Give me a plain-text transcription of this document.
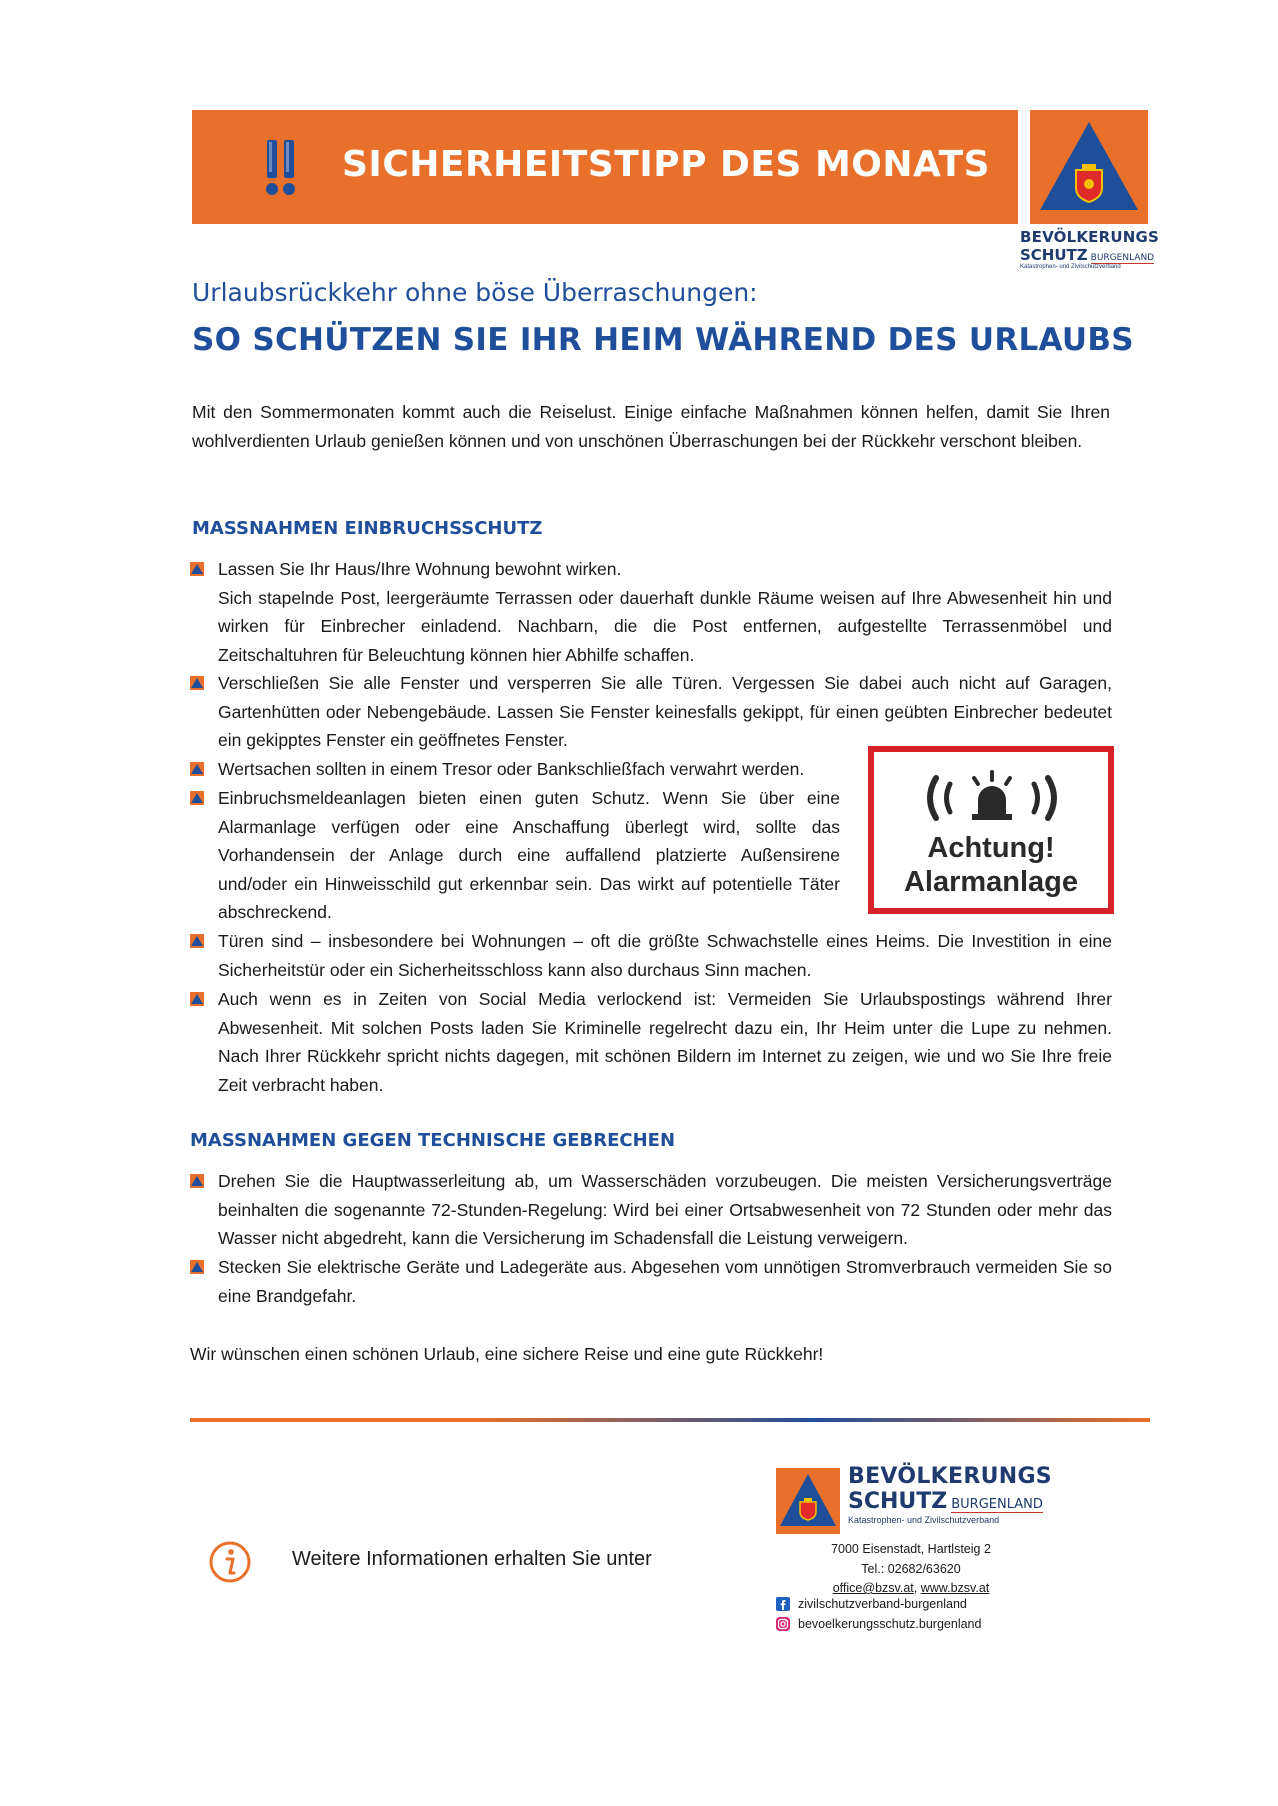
SICHERHEITSTIPP DES MONATS
BEVÖLKERUNGS
SCHUTZ BURGENLAND
Katastrophen- und Zivilschutzverband
Urlaubsrückkehr ohne böse Überraschungen:
SO SCHÜTZEN SIE IHR HEIM WÄHREND DES URLAUBS
Mit den Sommermonaten kommt auch die Reiselust. Einige einfache Maßnahmen können helfen, damit Sie Ihren wohlverdienten Urlaub genießen können und von unschönen Überraschungen bei der Rückkehr verschont bleiben.
MASSNAHMEN EINBRUCHSSCHUTZ

Lassen Sie Ihr Haus/Ihre Wohnung bewohnt wirken.

Sich stapelnde Post, leergeräumte Terrassen oder dauerhaft dunkle Räume weisen auf Ihre Abwesenheit hin und wirken für Einbrecher einladend. Nachbarn, die die Post entfernen, aufgestellte Terrassenmöbel und Zeitschaltuhren für Beleuchtung können hier Abhilfe schaffen.

Verschließen Sie alle Fenster und versperren Sie alle Türen. Vergessen Sie dabei auch nicht auf Garagen, Gartenhütten oder Nebengebäude. Lassen Sie Fenster keinesfalls gekippt, für einen geübten Einbrecher bedeutet ein gekipptes Fenster ein geöffnetes Fenster.

Wertsachen sollten in einem Tresor oder Bankschließfach verwahrt werden.

Einbruchsmeldeanlagen bieten einen guten Schutz. Wenn Sie über eine Alarmanlage verfügen oder eine Anschaffung überlegt wird, sollte das Vorhandensein der Anlage durch eine auffallend platzierte Außensirene und/oder ein Hinweisschild gut erkennbar sein. Das wirkt auf potentielle Täter abschreckend.

Türen sind – insbesondere bei Wohnungen – oft die größte Schwachstelle eines Heims. Die Investition in eine Sicherheitstür oder ein Sicherheitsschloss kann also durchaus Sinn machen.

Auch wenn es in Zeiten von Social Media verlockend ist: Vermeiden Sie Urlaubspostings während Ihrer Abwesenheit. Mit solchen Posts laden Sie Kriminelle regelrecht dazu ein, Ihr Heim unter die Lupe zu nehmen. Nach Ihrer Rückkehr spricht nichts dagegen, mit schönen Bildern im Internet zu zeigen, wie und wo Sie Ihre freie Zeit verbracht haben.

Achtung!
Alarmanlage
MASSNAHMEN GEGEN TECHNISCHE GEBRECHEN

Drehen Sie die Hauptwasserleitung ab, um Wasserschäden vorzubeugen. Die meisten Versicherungsverträge beinhalten die sogenannte 72-Stunden-Regelung: Wird bei einer Ortsabwesenheit von 72 Stunden oder mehr das Wasser nicht abgedreht, kann die Versicherung im Schadensfall die Leistung verweigern.

Stecken Sie elektrische Geräte und Ladegeräte aus. Abgesehen vom unnötigen Stromverbrauch vermeiden Sie so eine Brandgefahr.

Wir wünschen einen schönen Urlaub, eine sichere Reise und eine gute Rückkehr!
Weitere Informationen erhalten Sie unter
BEVÖLKERUNGS
SCHUTZ BURGENLAND
Katastrophen- und Zivilschutzverband
7000 Eisenstadt, Hartlsteig 2
Tel.: 02682/63620
office@bzsv.at, www.bzsv.at
zivilschutzverband-burgenland
bevoelkerungsschutz.burgenland
